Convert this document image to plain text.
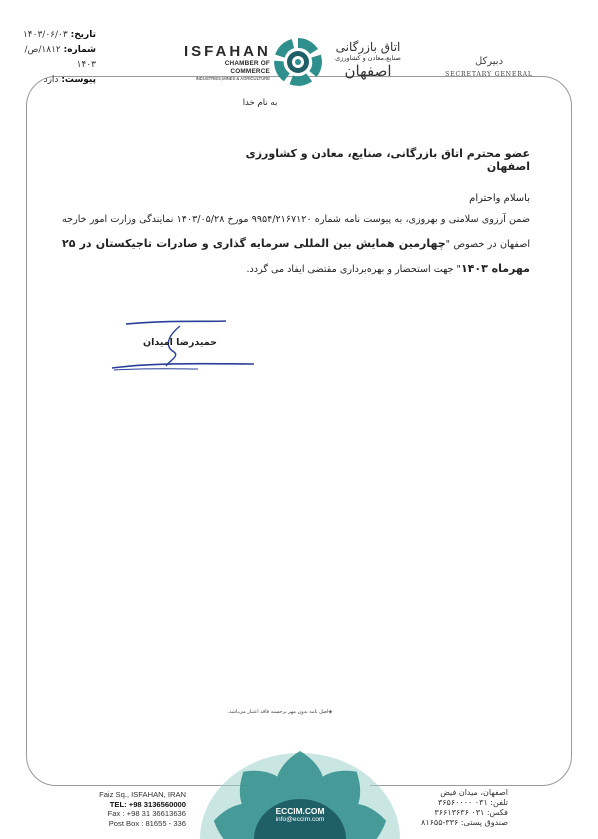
تاریخ: ۱۴۰۳/۰۶/۰۳
شماره: ۱۸۱۲/ص/۱۴۰۳
پیوست: دارد
ISFAHAN
CHAMBER OF COMMERCE
INDUSTRIES,MINES & AGRICULTURE
اتاق بازرگانی
صنایع،معادن و کشاورزی
اصفهان
دبیرکل
SECRETARY GENERAL
به نام خدا
عضو محترم اتاق بازرگانی، صنایع، معادن و کشاورزی اصفهان
باسلام واحترام
ضمن آرزوی سلامتی و بهروزی، به پیوست نامه شماره ۹۹۵۴/۲۱۶۷۱۲۰ مورخ ۱۴۰۳/۰۵/۲۸ نمایندگی وزارت امور خارجه اصفهان در خصوص "چهارمین همایش بین المللی سرمایه گذاری و صادرات تاجیکستان در ۲۵ مهرماه ۱۴۰۳" جهت استحضار و بهره‌برداری مقتضی ایفاد می گردد.
حمیدرضا امیدان
◈اصل نامه بدون مهر برجسته فاقد اعتبار می‌باشد.
ECCIM.COM
info@eccim.com
Faiz Sq., ISFAHAN, IRAN
TEL: +98 3136560000
Fax : +98 31 36613636
Post Box : 81655 - 336
اصفهان، میدان فیض
تلفن: ۰۳۱ ۳۶۵۶۰۰۰۰
فکس: ۰۳۱ ۳۶۶۱۳۶۳۶
صندوق پستی: ۳۳۶-۸۱۶۵۵
